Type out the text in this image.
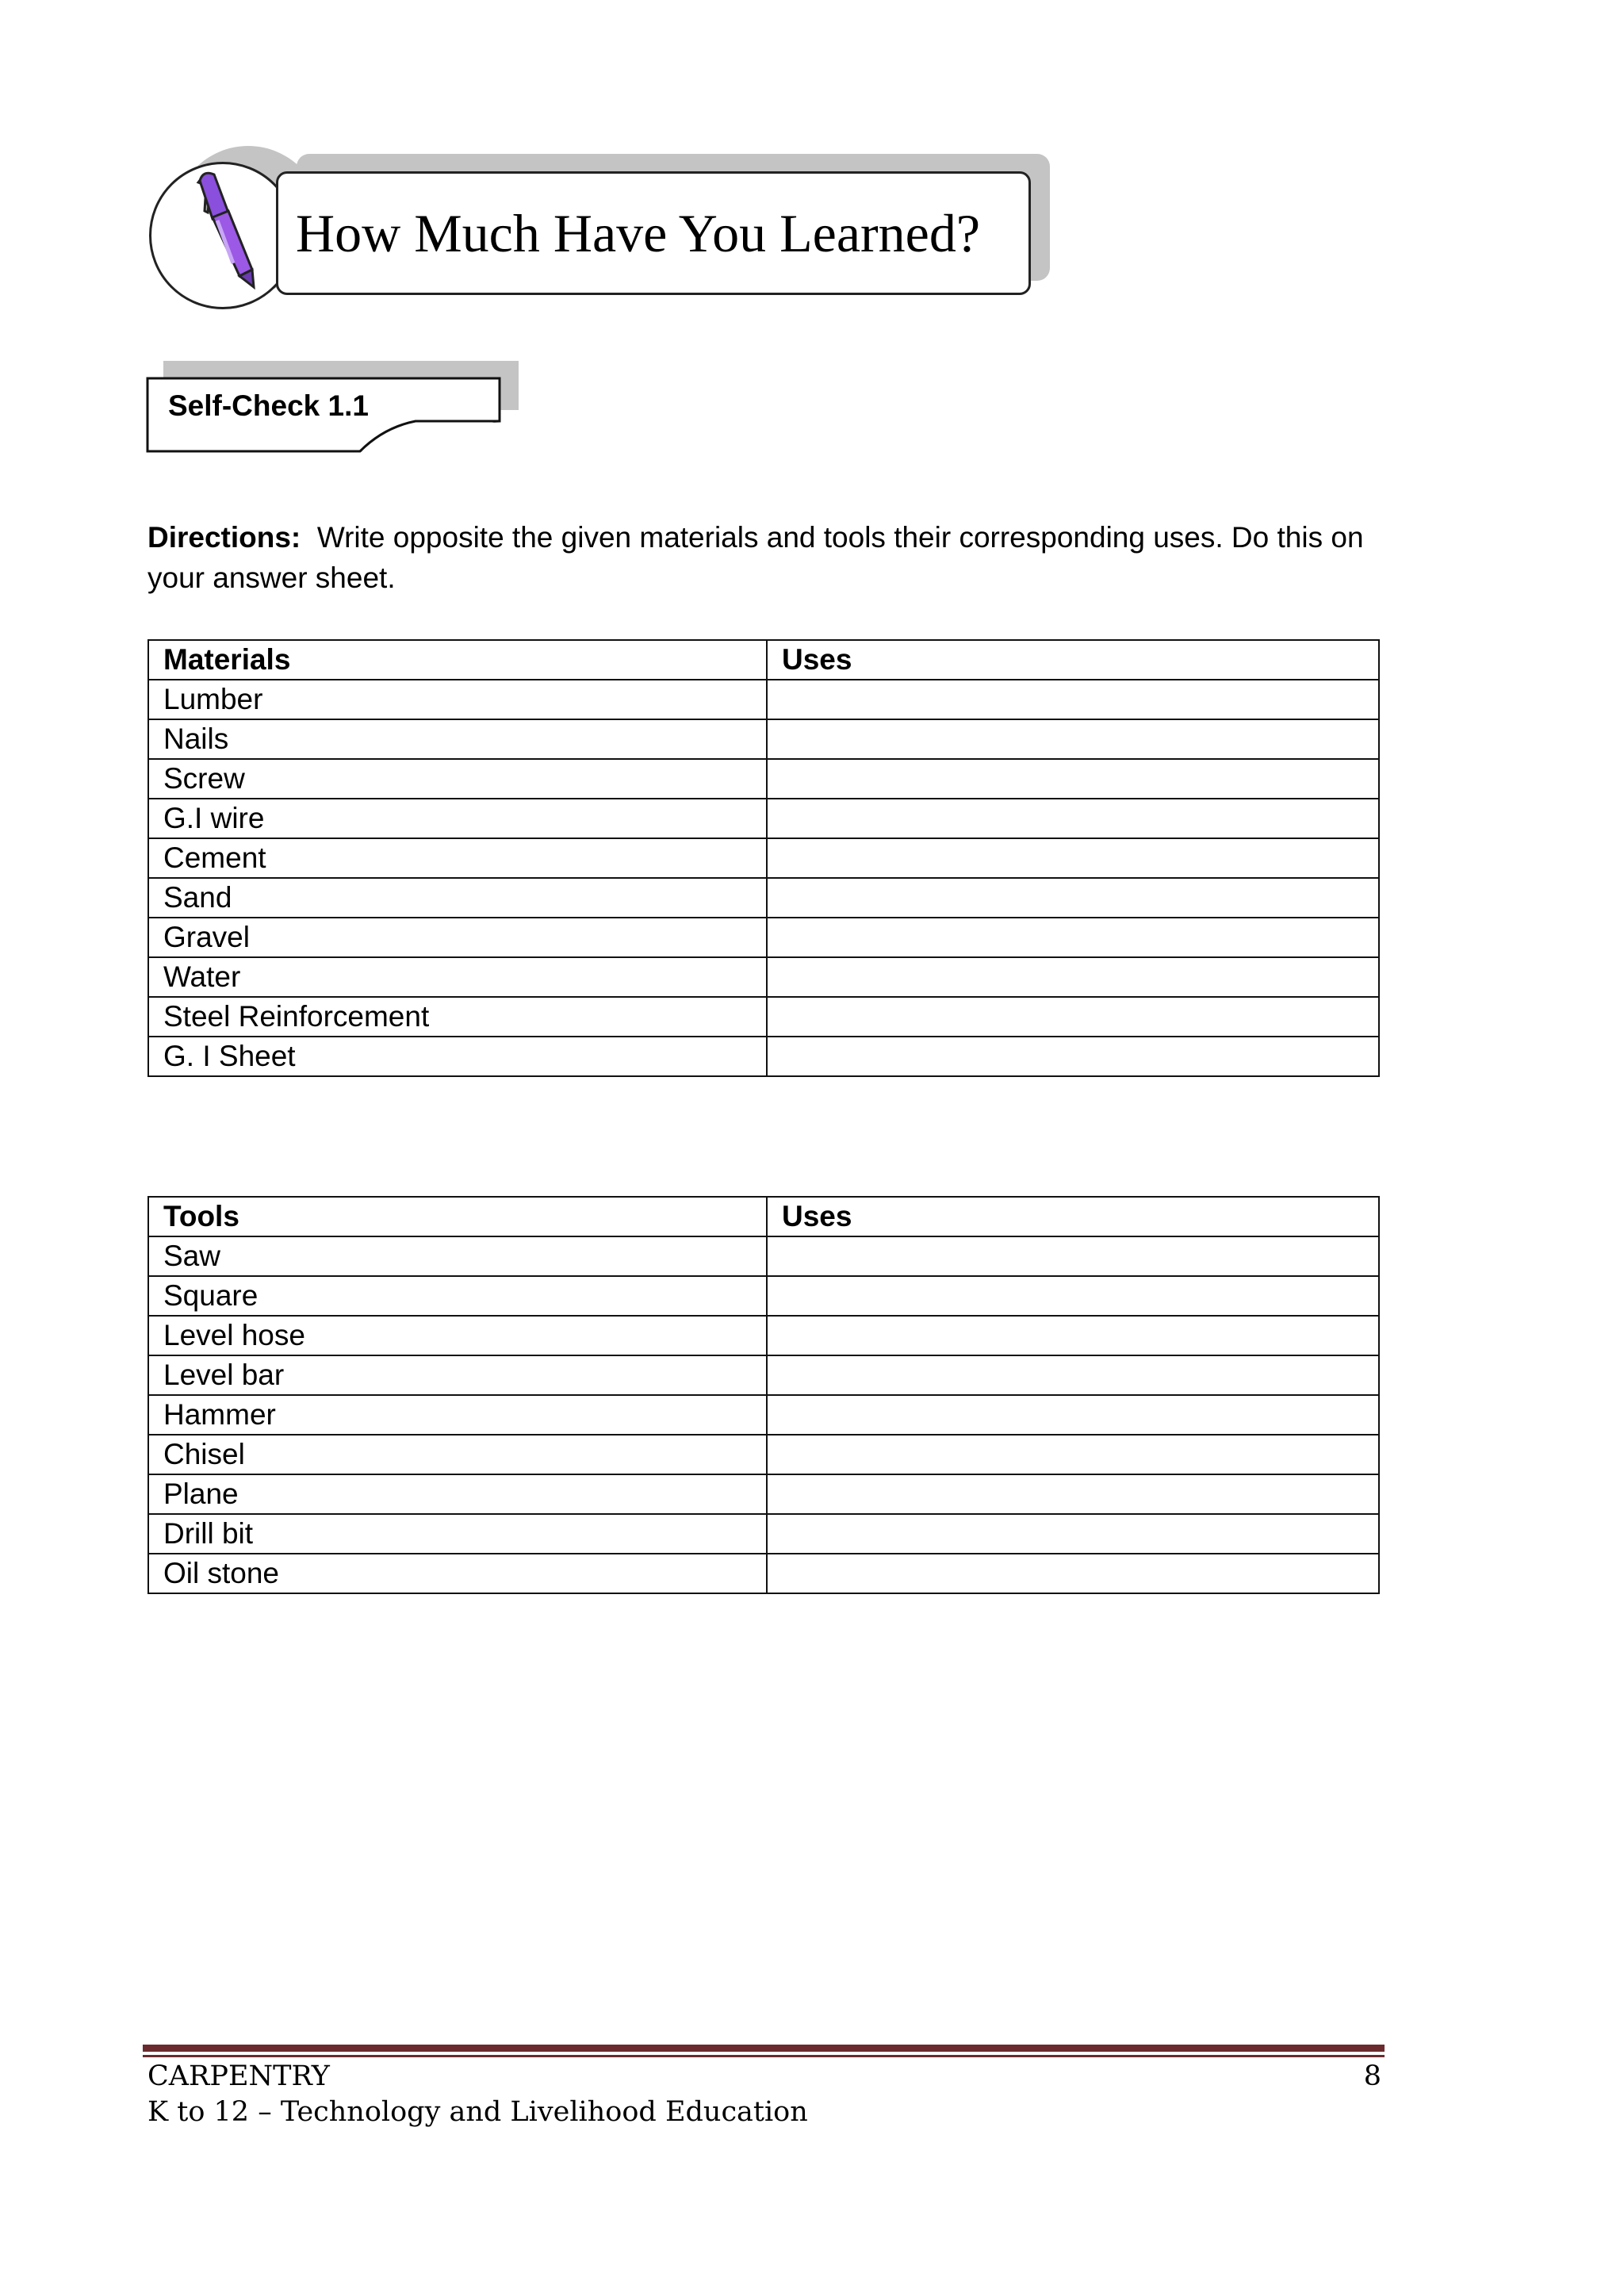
How Much Have You Learned?
Self-Check 1.1
Directions: Write opposite the given materials and tools their corresponding uses. Do this on your answer sheet.
Materials	Uses
Lumber	
Nails	
Screw	
G.I wire	
Cement	
Sand	
Gravel	
Water	
Steel Reinforcement	
G. I Sheet	
Tools	Uses
Saw	
Square	
Level hose	
Level bar	
Hammer	
Chisel	
Plane	
Drill bit	
Oil stone	
CARPENTRY	8
K to 12 – Technology and Livelihood Education
